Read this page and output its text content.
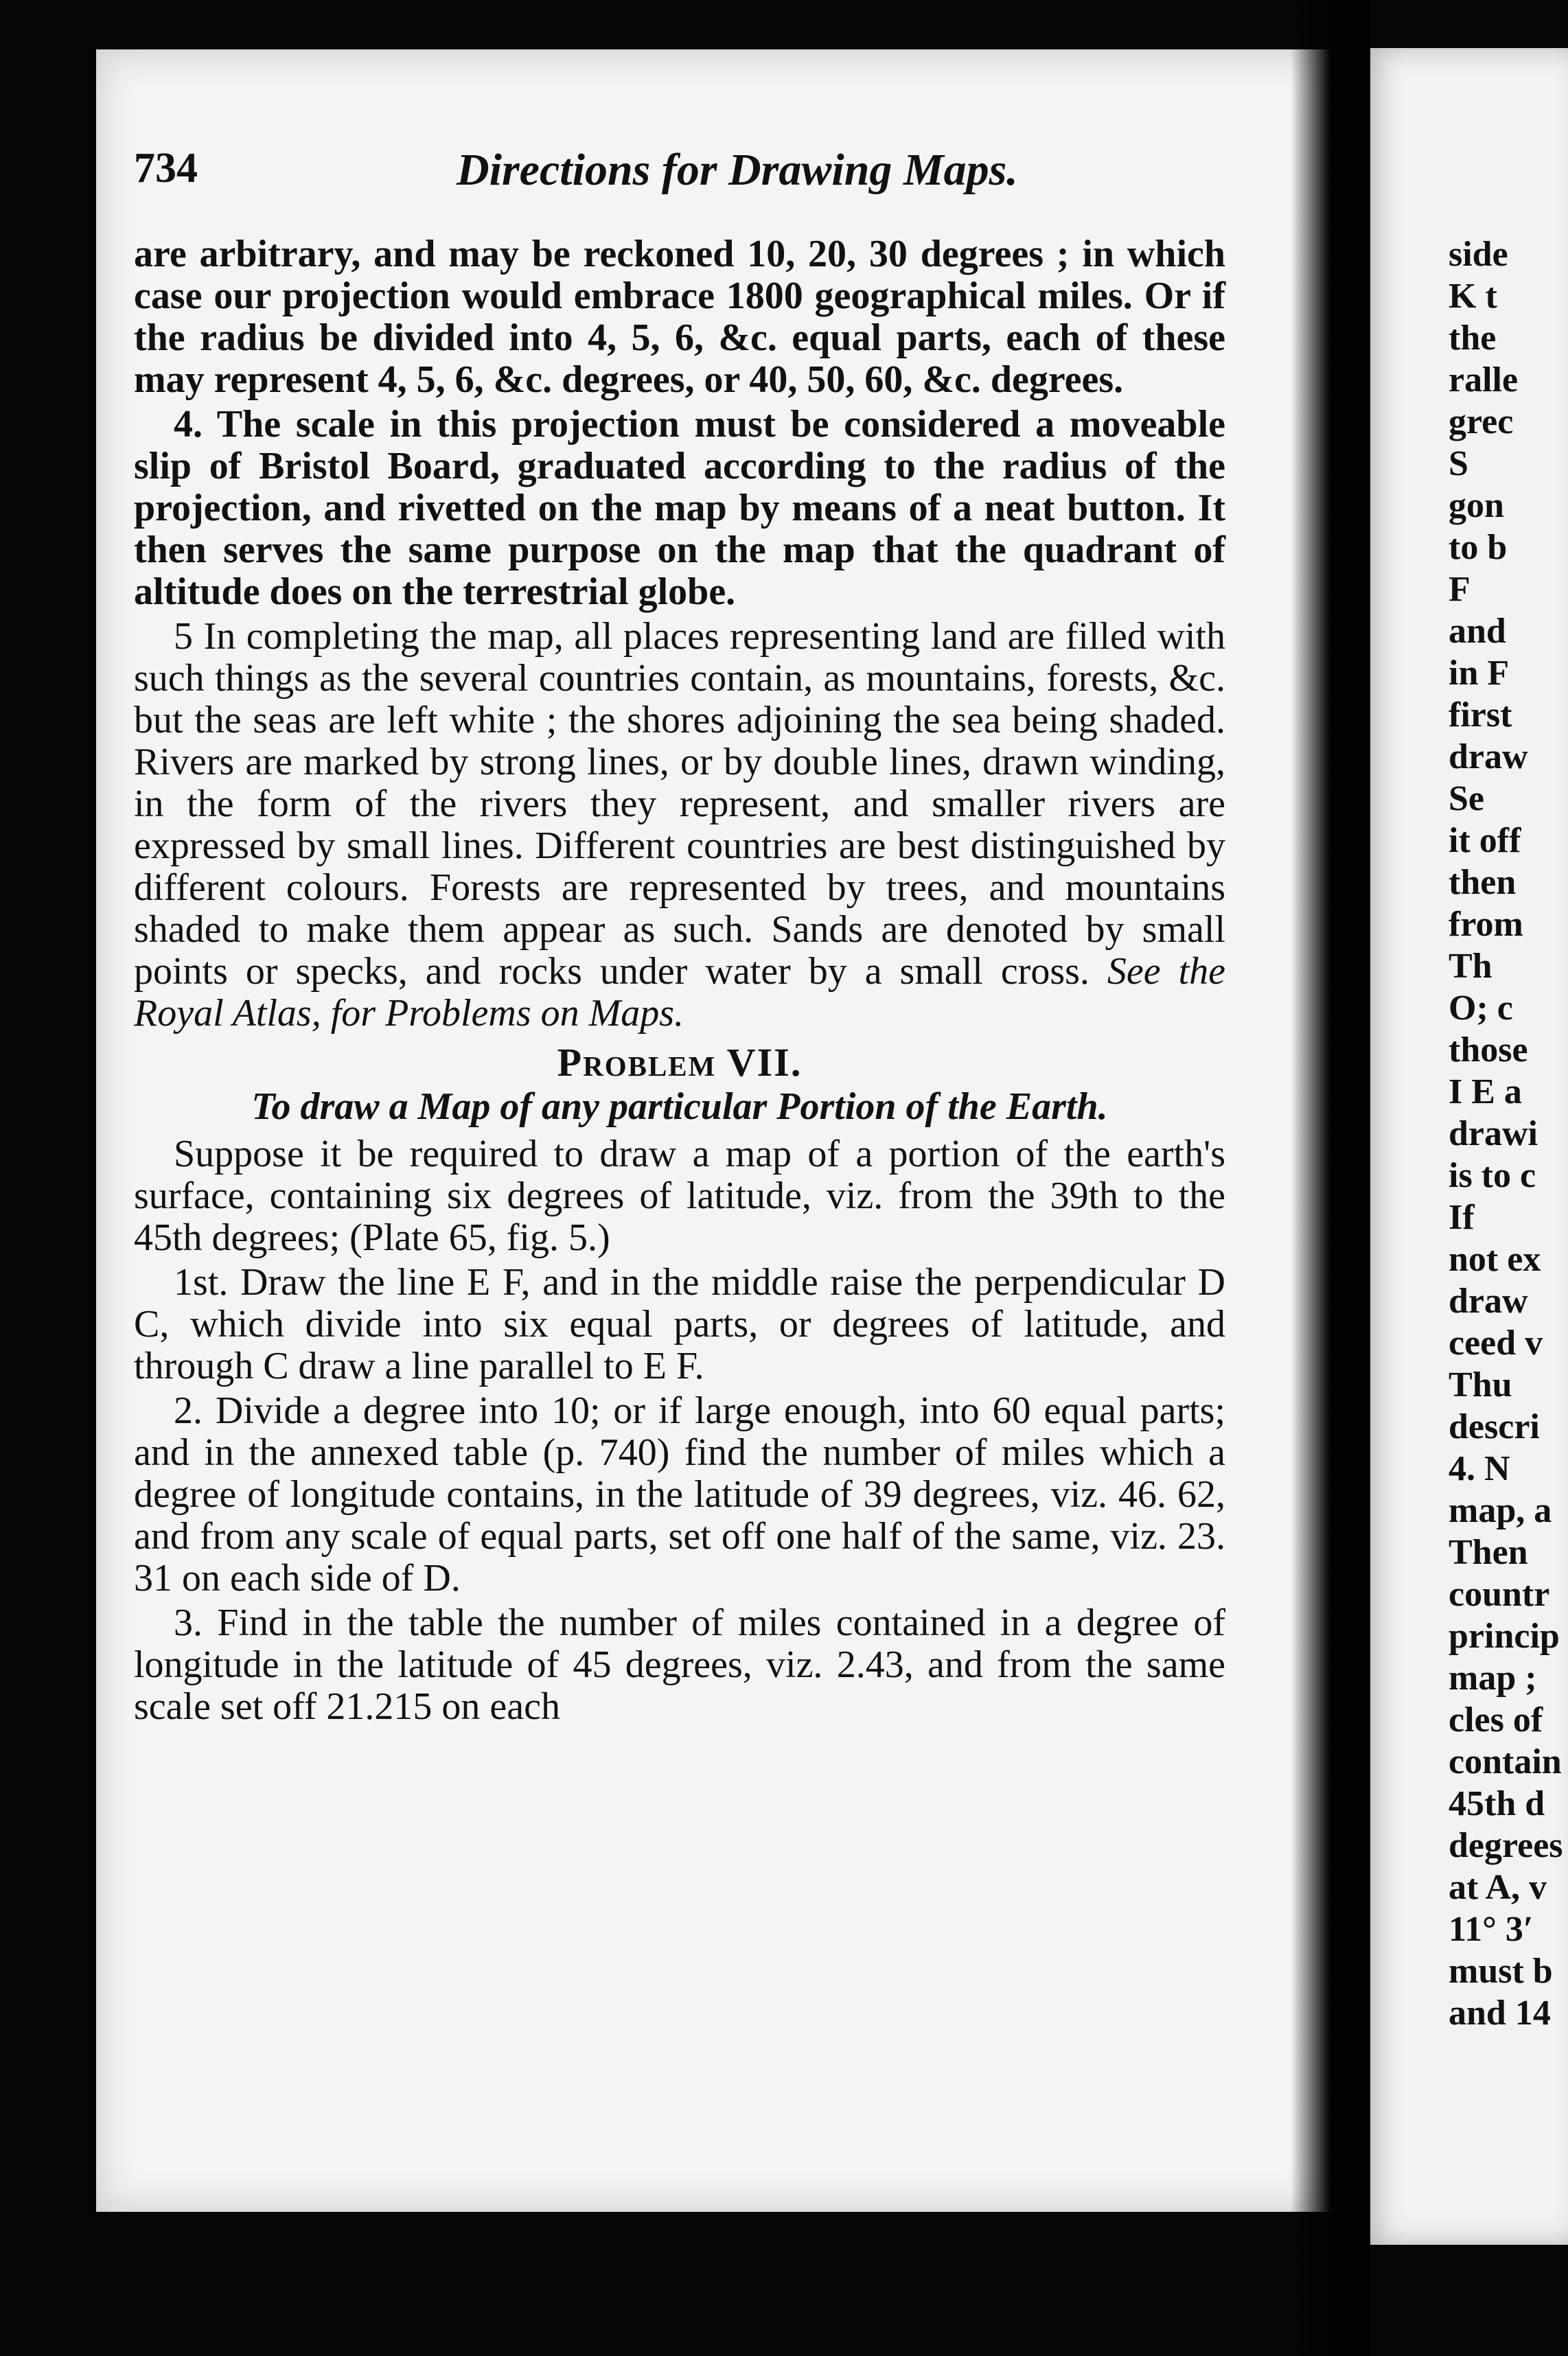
734	Directions for Drawing Maps.

are arbitrary, and may be reckoned 10, 20, 30 degrees ; in which case our projection would embrace 1800 geographical miles. Or if the radius be divided into 4, 5, 6, &c. equal parts, each of these may represent 4, 5, 6, &c. degrees, or 40, 50, 60, &c. degrees.

4. The scale in this projection must be considered a moveable slip of Bristol Board, graduated according to the radius of the projection, and rivetted on the map by means of a neat button. It then serves the same purpose on the map that the quadrant of altitude does on the terrestrial globe.

5 In completing the map, all places representing land are filled with such things as the several countries contain, as mountains, forests, &c. but the seas are left white ; the shores adjoining the sea being shaded. Rivers are marked by strong lines, or by double lines, drawn winding, in the form of the rivers they represent, and smaller rivers are expressed by small lines. Different countries are best distinguished by different colours. Forests are represented by trees, and mountains shaded to make them appear as such. Sands are denoted by small points or specks, and rocks under water by a small cross. See the Royal Atlas, for Problems on Maps.

Problem VII.
To draw a Map of any particular Portion of the Earth.

Suppose it be required to draw a map of a portion of the earth's surface, containing six degrees of latitude, viz. from the 39th to the 45th degrees; (Plate 65, fig. 5.)

1st. Draw the line E F, and in the middle raise the perpendicular D C, which divide into six equal parts, or degrees of latitude, and through C draw a line parallel to E F.

2. Divide a degree into 10; or if large enough, into 60 equal parts; and in the annexed table (p. 740) find the number of miles which a degree of longitude contains, in the latitude of 39 degrees, viz. 46. 62, and from any scale of equal parts, set off one half of the same, viz. 23. 31 on each side of D.

3. Find in the table the number of miles contained in a degree of longitude in the latitude of 45 degrees, viz. 2.43, and from the same scale set off 21.215 on each

side
K t
the
ralle
grec
S
gon
to b
F
and
in F
first
draw
Se
it off
then
from
Th
O; c
those
I E a
drawi
is to c
If
not ex
draw
ceed v
Thu
descri
4. N
map, a
Then
countr
princip
map ;
cles of
contain
45th d
degrees
at A, v
11° 3′
must b
and 14
